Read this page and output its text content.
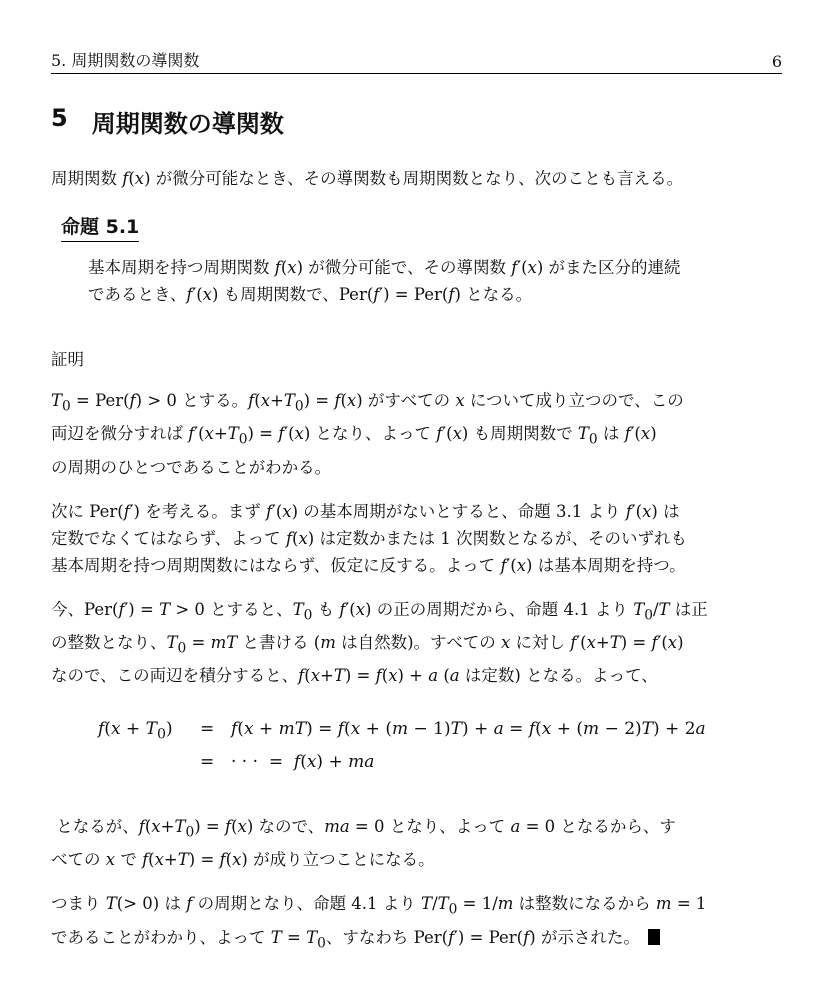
5. 周期関数の導関数	6
5 周期関数の導関数

周期関数 f(x) が微分可能なとき、その導関数も周期関数となり、次のことも言える。

命題 5.1

基本周期を持つ周期関数 f(x) が微分可能で、その導関数 f′(x) がまた区分的連続
であるとき、f′(x) も周期関数で、Per(f′) = Per(f) となる。

証明

$T_0 = Per(f) > 0$ とする。$f(x+T_0) = f(x)$ がすべての x について成り立つので、この
両辺を微分すれば $f'(x+T_0) = f'(x)$ となり、よって f′(x) も周期関数で $T_0$ は f′(x)
の周期のひとつであることがわかる。

次に Per(f′) を考える。まず f′(x) の基本周期がないとすると、命題 3.1 より f′(x) は
定数でなくてはならず、よって f(x) は定数かまたは 1 次関数となるが、そのいずれも
基本周期を持つ周期関数にはならず、仮定に反する。よって f′(x) は基本周期を持つ。

今、Per(f′) = T > 0 とすると、$T_0$ も f′(x) の正の周期だから、命題 4.1 より $T_0/T$ は正
の整数となり、$T_0$ = mT と書ける (m は自然数)。すべての x に対し f′(x+T) = f′(x)
なので、この両辺を積分すると、f(x+T) = f(x) + a (a は定数) となる。よって、

$f(x + T_0) = f(x + mT) = f(x + (m - 1)T) + a = f(x + (m - 2)T) + 2a$
= · · ·  =  f(x) + ma

となるが、$f(x+T_0) = f(x)$ なので、ma = 0 となり、よって a = 0 となるから、す
べての x で f(x+T) = f(x) が成り立つことになる。

つまり T(> 0) は f の周期となり、命題 4.1 より $T/T_0 = 1/m$ は整数になるから m = 1
であることがわかり、よって $T = T_0$、すなわち Per(f′) = Per(f) が示された。
